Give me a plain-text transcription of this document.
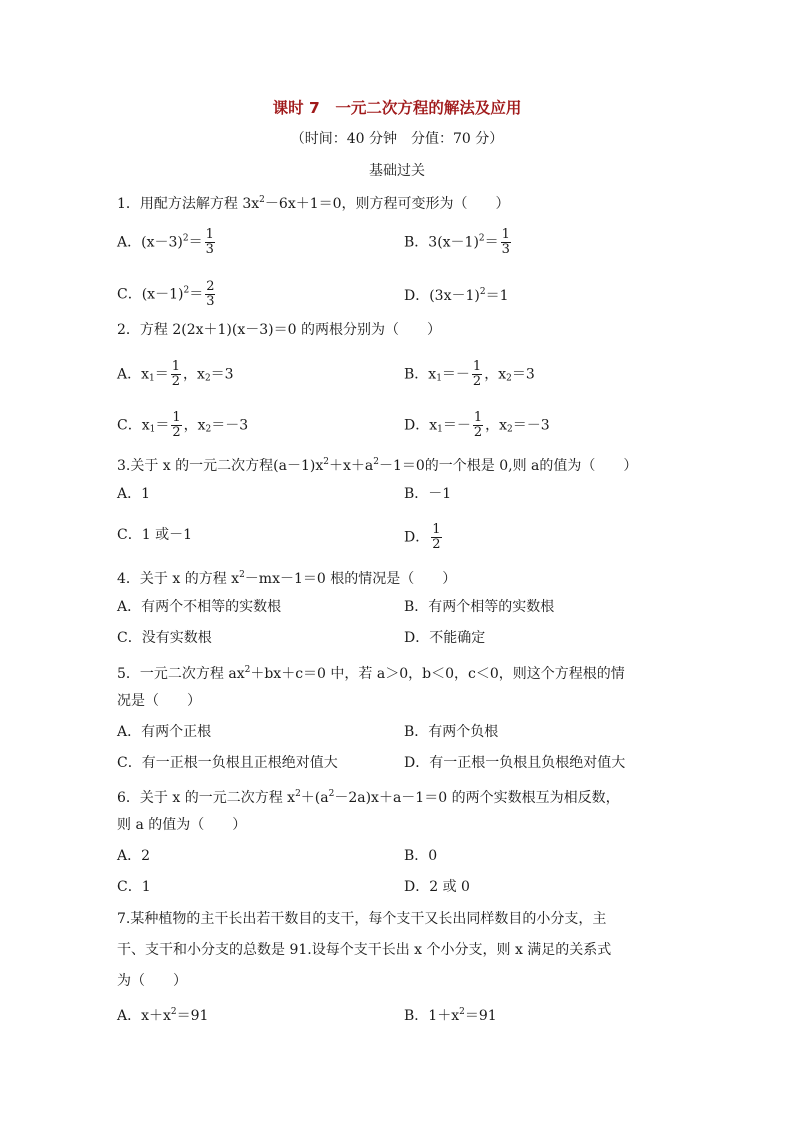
课时 7　一元二次方程的解法及应用
（时间：40 分钟　分值：70 分）
基础过关
1．用配方法解方程 $3x^2-6x+1=0$，则方程可变形为（　　）
A．$(x-3)^2= \frac{1}{3}$	B．$3(x-1)^2= \frac{1}{3}$
C．$(x-1)^2= \frac{2}{3}$	D．$(3x-1)^2=1$
2．方程 2(2x＋1)(x－3)＝0 的两根分别为（　　）
A．$x_1= \frac{1}{2}$ ，$x_2=3$	B．$x_1=- \frac{1}{2}$ ，$x_2=3$
C．$x_1= \frac{1}{2}$ ，$x_2=-3$	D．$x_1=- \frac{1}{2}$ ，$x_2=-3$
3.关于 x 的一元二次方程$(a-1)x^2+x+a^2-1=0$的一个根是 0,则 a的值为（　　）
A．1	B．－1
C．1 或－1	D． $\frac{1}{2}$
4．关于 x 的方程 $x^2-mx-1=0$ 根的情况是（　　）
A．有两个不相等的实数根	B．有两个相等的实数根
C．没有实数根	D．不能确定
5．一元二次方程 $ax^2+bx+c=0$ 中，若 a＞0，b＜0，c＜0，则这个方程根的情
况是（　　）
A．有两个正根	B．有两个负根
C．有一正根一负根且正根绝对值大	D．有一正根一负根且负根绝对值大
6．关于 x 的一元二次方程 $x^2+(a^2-2a)x+a-1=0$ 的两个实数根互为相反数，
则 a 的值为（　　）
A．2	B．0
C．1	D．2 或 0
7.某种植物的主干长出若干数目的支干，每个支干又长出同样数目的小分支，主
干、支干和小分支的总数是 91.设每个支干长出 x 个小分支，则 x 满足的关系式
为（　　）
A．$x+x^2=91$	B．$1+x^2=91$
